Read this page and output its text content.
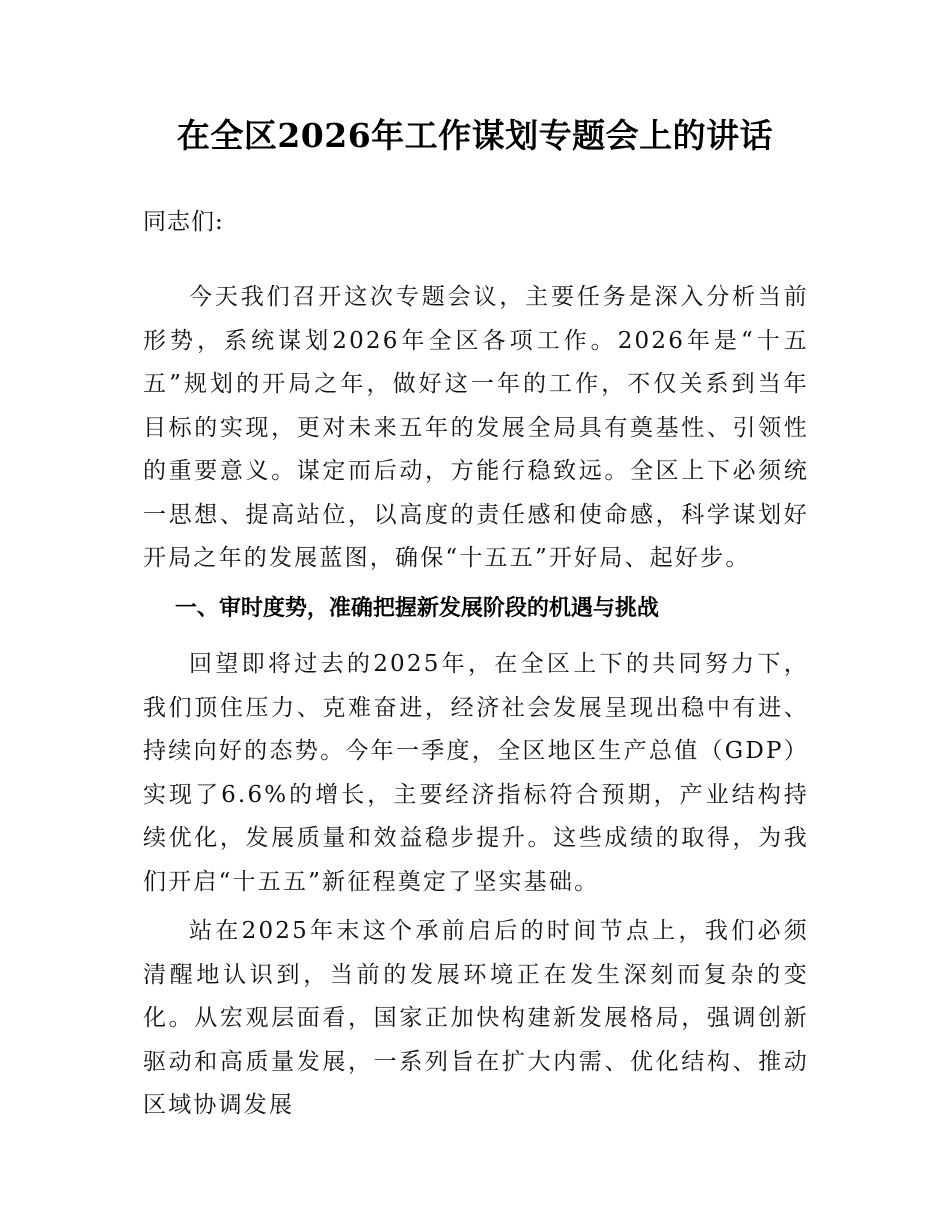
在全区2026年工作谋划专题会上的讲话

同志们:

今天我们召开这次专题会议，主要任务是深入分析当前形势，系统谋划2026年全区各项工作。2026年是“十五五”规划的开局之年，做好这一年的工作，不仅关系到当年目标的实现，更对未来五年的发展全局具有奠基性、引领性的重要意义。谋定而后动，方能行稳致远。全区上下必须统一思想、提高站位，以高度的责任感和使命感，科学谋划好开局之年的发展蓝图，确保“十五五”开好局、起好步。

一、审时度势，准确把握新发展阶段的机遇与挑战

回望即将过去的2025年，在全区上下的共同努力下，我们顶住压力、克难奋进，经济社会发展呈现出稳中有进、持续向好的态势。今年一季度，全区地区生产总值（GDP）实现了6.6%的增长，主要经济指标符合预期，产业结构持续优化，发展质量和效益稳步提升。这些成绩的取得，为我们开启“十五五”新征程奠定了坚实基础。

站在2025年末这个承前启后的时间节点上，我们必须清醒地认识到，当前的发展环境正在发生深刻而复杂的变化。从宏观层面看，国家正加快构建新发展格局，强调创新驱动和高质量发展，一系列旨在扩大内需、优化结构、推动区域协调发展
